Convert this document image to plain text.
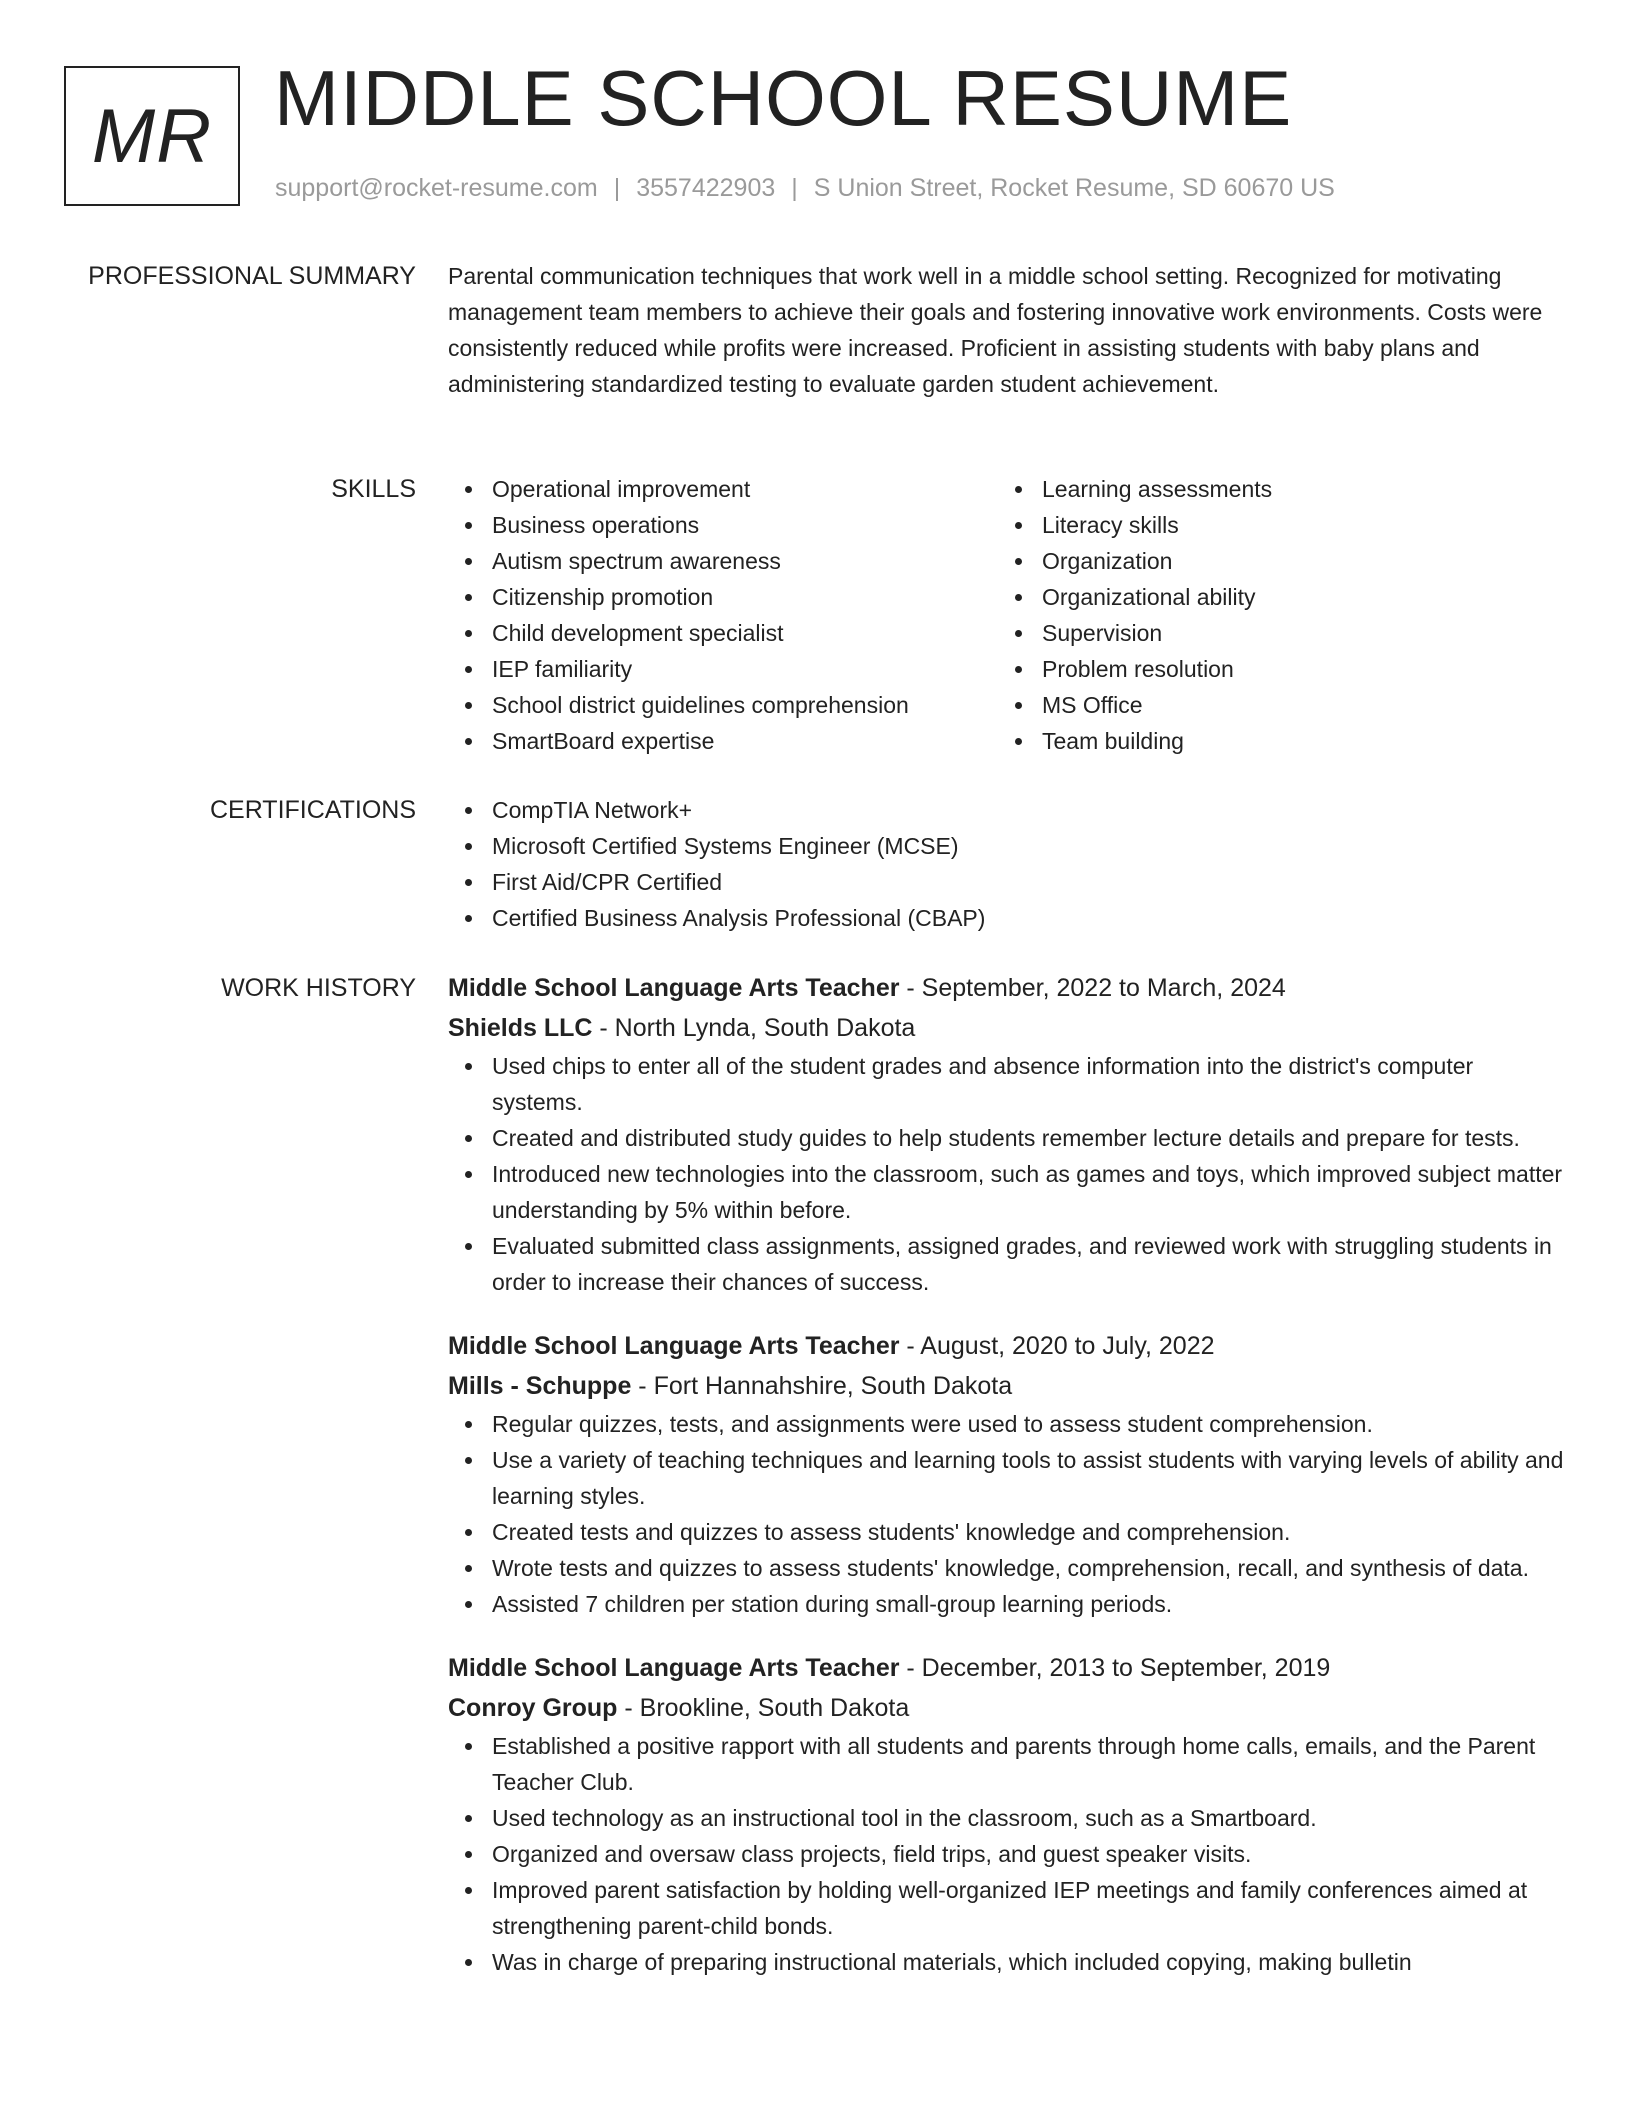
MR MIDDLE SCHOOL RESUME
support@rocket-resume.com | 3557422903 | S Union Street, Rocket Resume, SD 60670 US
PROFESSIONAL SUMMARY Parental communication techniques that work well in a middle school setting. Recognized for motivating management team members to achieve their goals and fostering innovative work environments. Costs were consistently reduced while profits were increased. Proficient in assisting students with baby plans and administering standardized testing to evaluate garden student achievement.

SKILLS	Operational improvement
Business operations
Autism spectrum awareness
Citizenship promotion
Child development specialist
IEP familiarity
School district guidelines comprehension
SmartBoard expertise
Learning assessments
Literacy skills
Organization
Organizational ability
Supervision
Problem resolution
MS Office
Team building
CERTIFICATIONS	CompTIA Network+
Microsoft Certified Systems Engineer (MCSE)
First Aid/CPR Certified
Certified Business Analysis Professional (CBAP)
WORK HISTORY Middle School Language Arts Teacher - September, 2022 to March, 2024
Shields LLC - North Lynda, South Dakota
Used chips to enter all of the student grades and absence information into the district's computer systems.
Created and distributed study guides to help students remember lecture details and prepare for tests.
Introduced new technologies into the classroom, such as games and toys, which improved subject matter understanding by 5% within before.
Evaluated submitted class assignments, assigned grades, and reviewed work with struggling students in order to increase their chances of success.
Middle School Language Arts Teacher - August, 2020 to July, 2022
Mills - Schuppe - Fort Hannahshire, South Dakota
Regular quizzes, tests, and assignments were used to assess student comprehension.
Use a variety of teaching techniques and learning tools to assist students with varying levels of ability and learning styles.
Created tests and quizzes to assess students' knowledge and comprehension.
Wrote tests and quizzes to assess students' knowledge, comprehension, recall, and synthesis of data.
Assisted 7 children per station during small-group learning periods.
Middle School Language Arts Teacher - December, 2013 to September, 2019
Conroy Group - Brookline, South Dakota
Established a positive rapport with all students and parents through home calls, emails, and the Parent Teacher Club.
Used technology as an instructional tool in the classroom, such as a Smartboard.
Organized and oversaw class projects, field trips, and guest speaker visits.
Improved parent satisfaction by holding well-organized IEP meetings and family conferences aimed at strengthening parent-child bonds.
Was in charge of preparing instructional materials, which included copying, making bulletin
